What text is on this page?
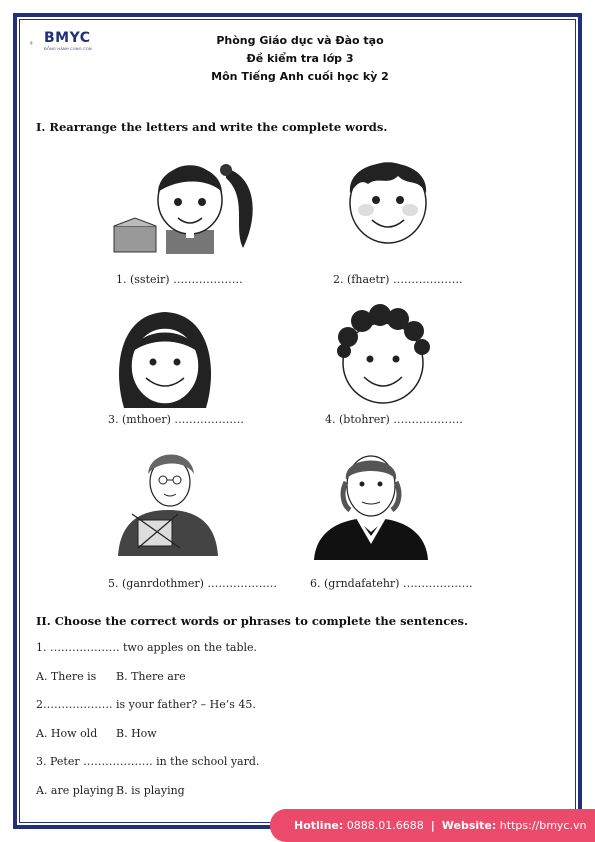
BMYC
ĐỒNG HÀNH CÙNG CON
Phòng Giáo dục và Đào tạo
Đề kiểm tra lớp 3
Môn Tiếng Anh cuối học kỳ 2
I. Rearrange the letters and write the complete words.
1. (ssteir) ……………….	2. (fhaetr) ……………….
3. (mthoer) ……………….	4. (btohrer) ……………….
5. (ganrdothmer) ……………….	6. (grndafatehr) ……………….
II. Choose the correct words or phrases to complete the sentences.
1. ………………. two apples on the table.
A. There is B. There are
2………………. is your father? – He’s 45.
A. How old B. How
3. Peter ………………. in the school yard.
A. are playing B. is playing
Hotline: 0888.01.6688 | Website: https://bmyc.vn
